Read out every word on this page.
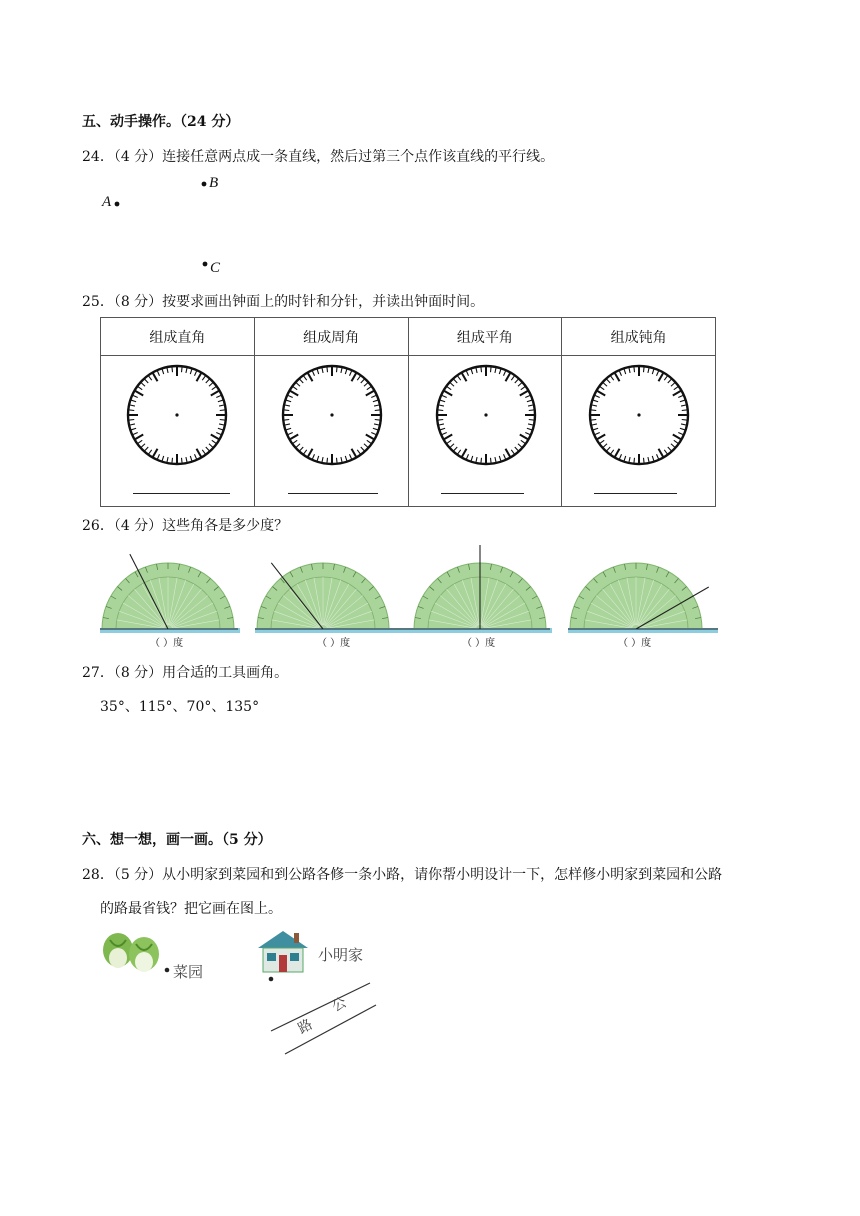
五、动手操作。（24 分）
24．（4 分）连接任意两点成一条直线，然后过第三个点作该直线的平行线。
A
B
C
25．（8 分）按要求画出钟面上的时针和分针，并读出钟面时间。
组成直角	组成周角	组成平角	组成钝角

26．（4 分）这些角各是多少度？
（ ）度	（ ）度	（ ）度	（ ）度
27．（8 分）用合适的工具画角。
35°、115°、70°、135°
六、想一想，画一画。（5 分）
28．（5 分）从小明家到菜园和到公路各修一条小路，请你帮小明设计一下，怎样修小明家到菜园和公路
的路最省钱？把它画在图上。
菜园
小明家
公
路
